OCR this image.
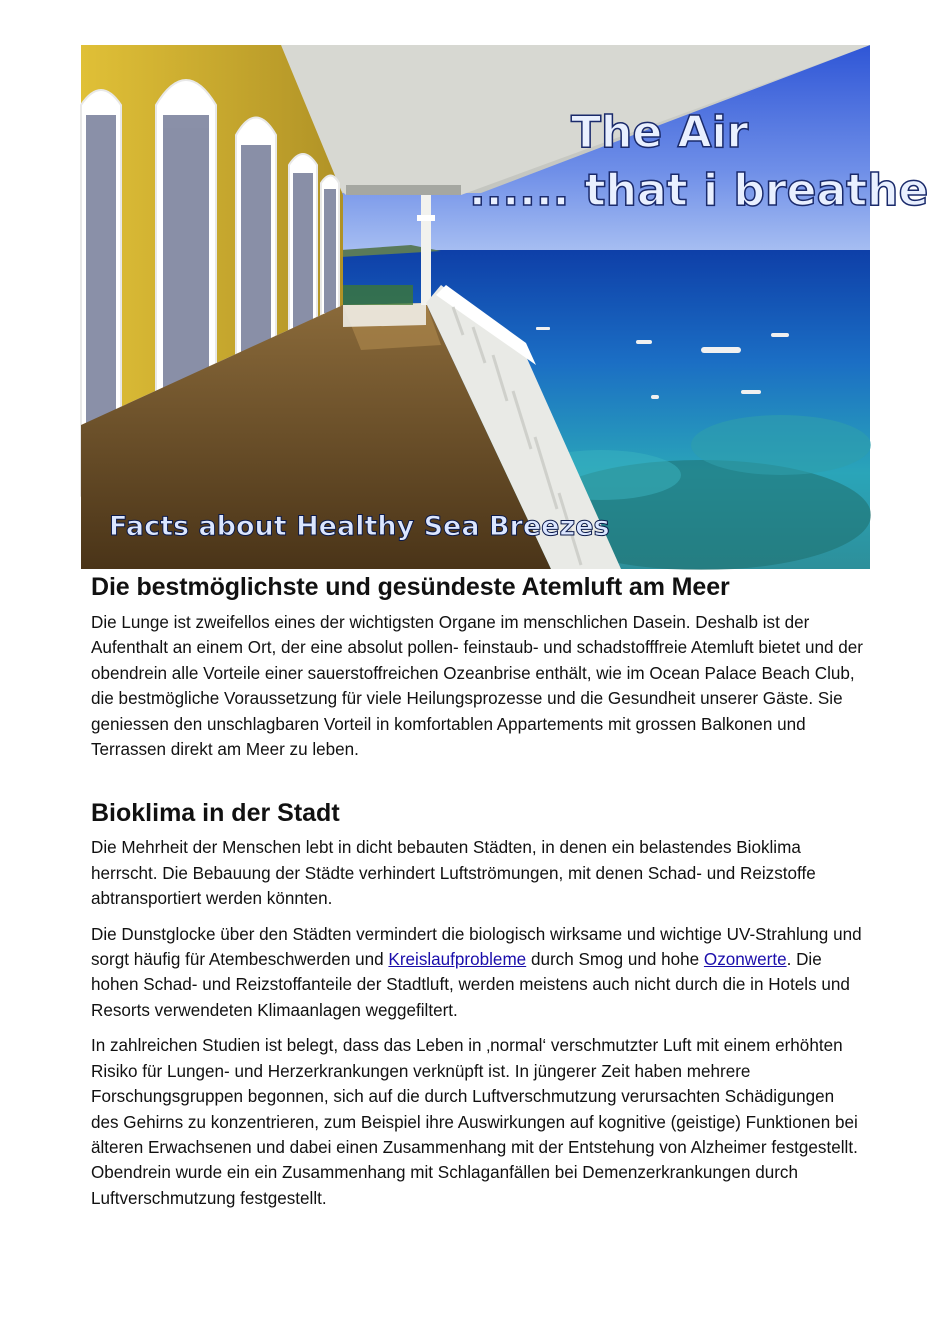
The Air
...... that i breathe
Facts about Healthy Sea Breezes
Die bestmöglichste und gesündeste Atemluft am Meer

Die Lunge ist zweifellos eines der wichtigsten Organe im menschlichen Dasein. Deshalb ist der Aufenthalt an einem Ort, der eine absolut pollen- feinstaub- und schadstofffreie Atemluft bietet und der obendrein alle Vorteile einer sauerstoffreichen Ozeanbrise enthält, wie im Ocean Palace Beach Club, die bestmögliche Voraussetzung für viele Heilungsprozesse und die Gesundheit unserer Gäste. Sie geniessen den unschlagbaren Vorteil in komfortablen Appartements mit grossen Balkonen und Terrassen direkt am Meer zu leben.

Bioklima in der Stadt

Die Mehrheit der Menschen lebt in dicht bebauten Städten, in denen ein belastendes Bioklima herrscht. Die Bebauung der Städte verhindert Luftströmungen, mit denen Schad- und Reizstoffe abtransportiert werden könnten.

Die Dunstglocke über den Städten vermindert die biologisch wirksame und wichtige UV-Strahlung und sorgt häufig für Atembeschwerden und Kreislaufprobleme durch Smog und hohe Ozonwerte. Die hohen Schad- und Reizstoffanteile der Stadtluft, werden meistens auch nicht durch die in Hotels und Resorts verwendeten Klimaanlagen weggefiltert.

In zahlreichen Studien ist belegt, dass das Leben in ‚normal‘ verschmutzter Luft mit einem erhöhten Risiko für Lungen- und Herzerkrankungen verknüpft ist. In jüngerer Zeit haben mehrere Forschungsgruppen begonnen, sich auf die durch Luftverschmutzung verursachten Schädigungen des Gehirns zu konzentrieren, zum Beispiel ihre Auswirkungen auf kognitive (geistige) Funktionen bei älteren Erwachsenen und dabei einen Zusammenhang mit der Entstehung von Alzheimer festgestellt. Obendrein wurde ein ein Zusammenhang mit Schlaganfällen bei Demenzerkrankungen durch Luftverschmutzung festgestellt.
